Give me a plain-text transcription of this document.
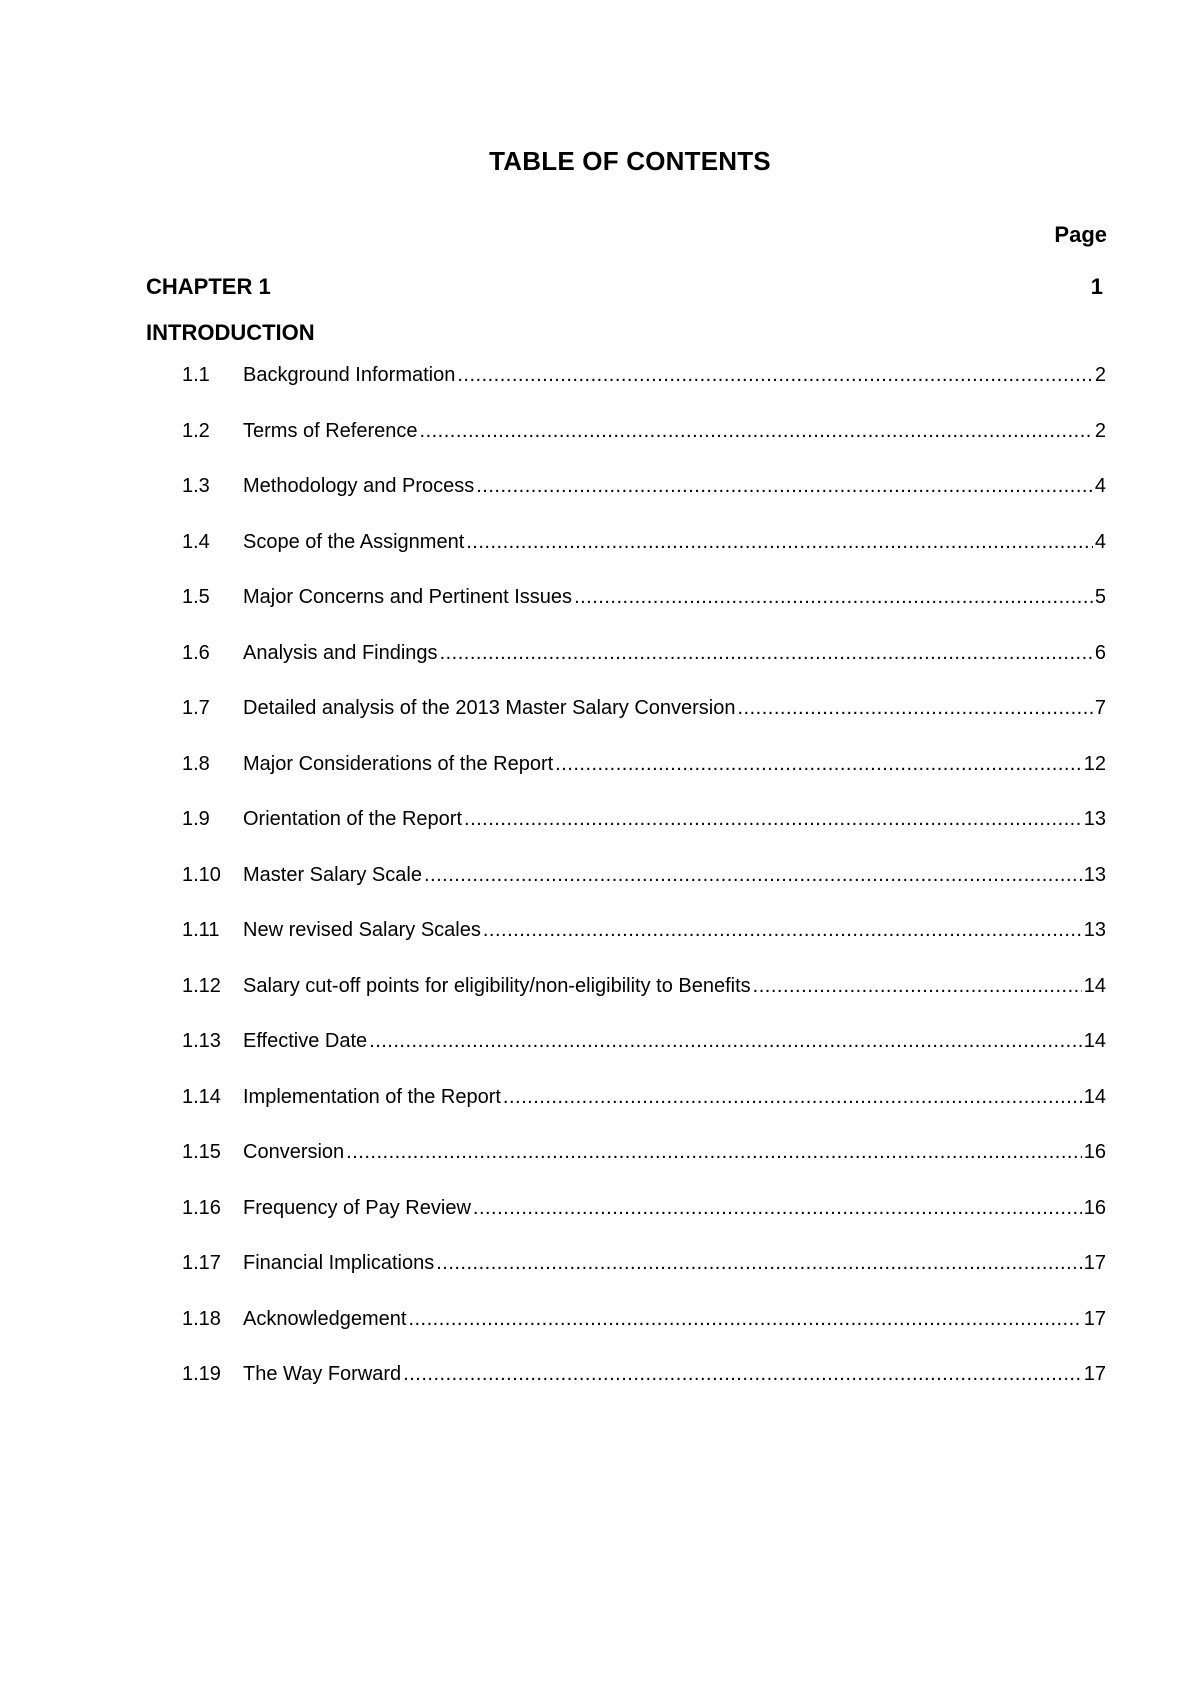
TABLE OF CONTENTS
Page
CHAPTER 1	1
INTRODUCTION
1.1	Background Information .....	2
1.2	Terms of Reference .....	2
1.3	Methodology and Process .....	4
1.4	Scope of the Assignment .....	4
1.5	Major Concerns and Pertinent Issues .....	5
1.6	Analysis and Findings .....	6
1.7	Detailed analysis of the 2013 Master Salary Conversion .....	7
1.8	Major Considerations of the Report .....	12
1.9	Orientation of the Report .....	13
1.10	Master Salary Scale .....	13
1.11	New revised Salary Scales .....	13
1.12	Salary cut-off points for eligibility/non-eligibility to Benefits .....	14
1.13	Effective Date .....	14
1.14	Implementation of the Report .....	14
1.15	Conversion .....	16
1.16	Frequency of Pay Review .....	16
1.17	Financial Implications .....	17
1.18	Acknowledgement .....	17
1.19	The Way Forward .....	17
